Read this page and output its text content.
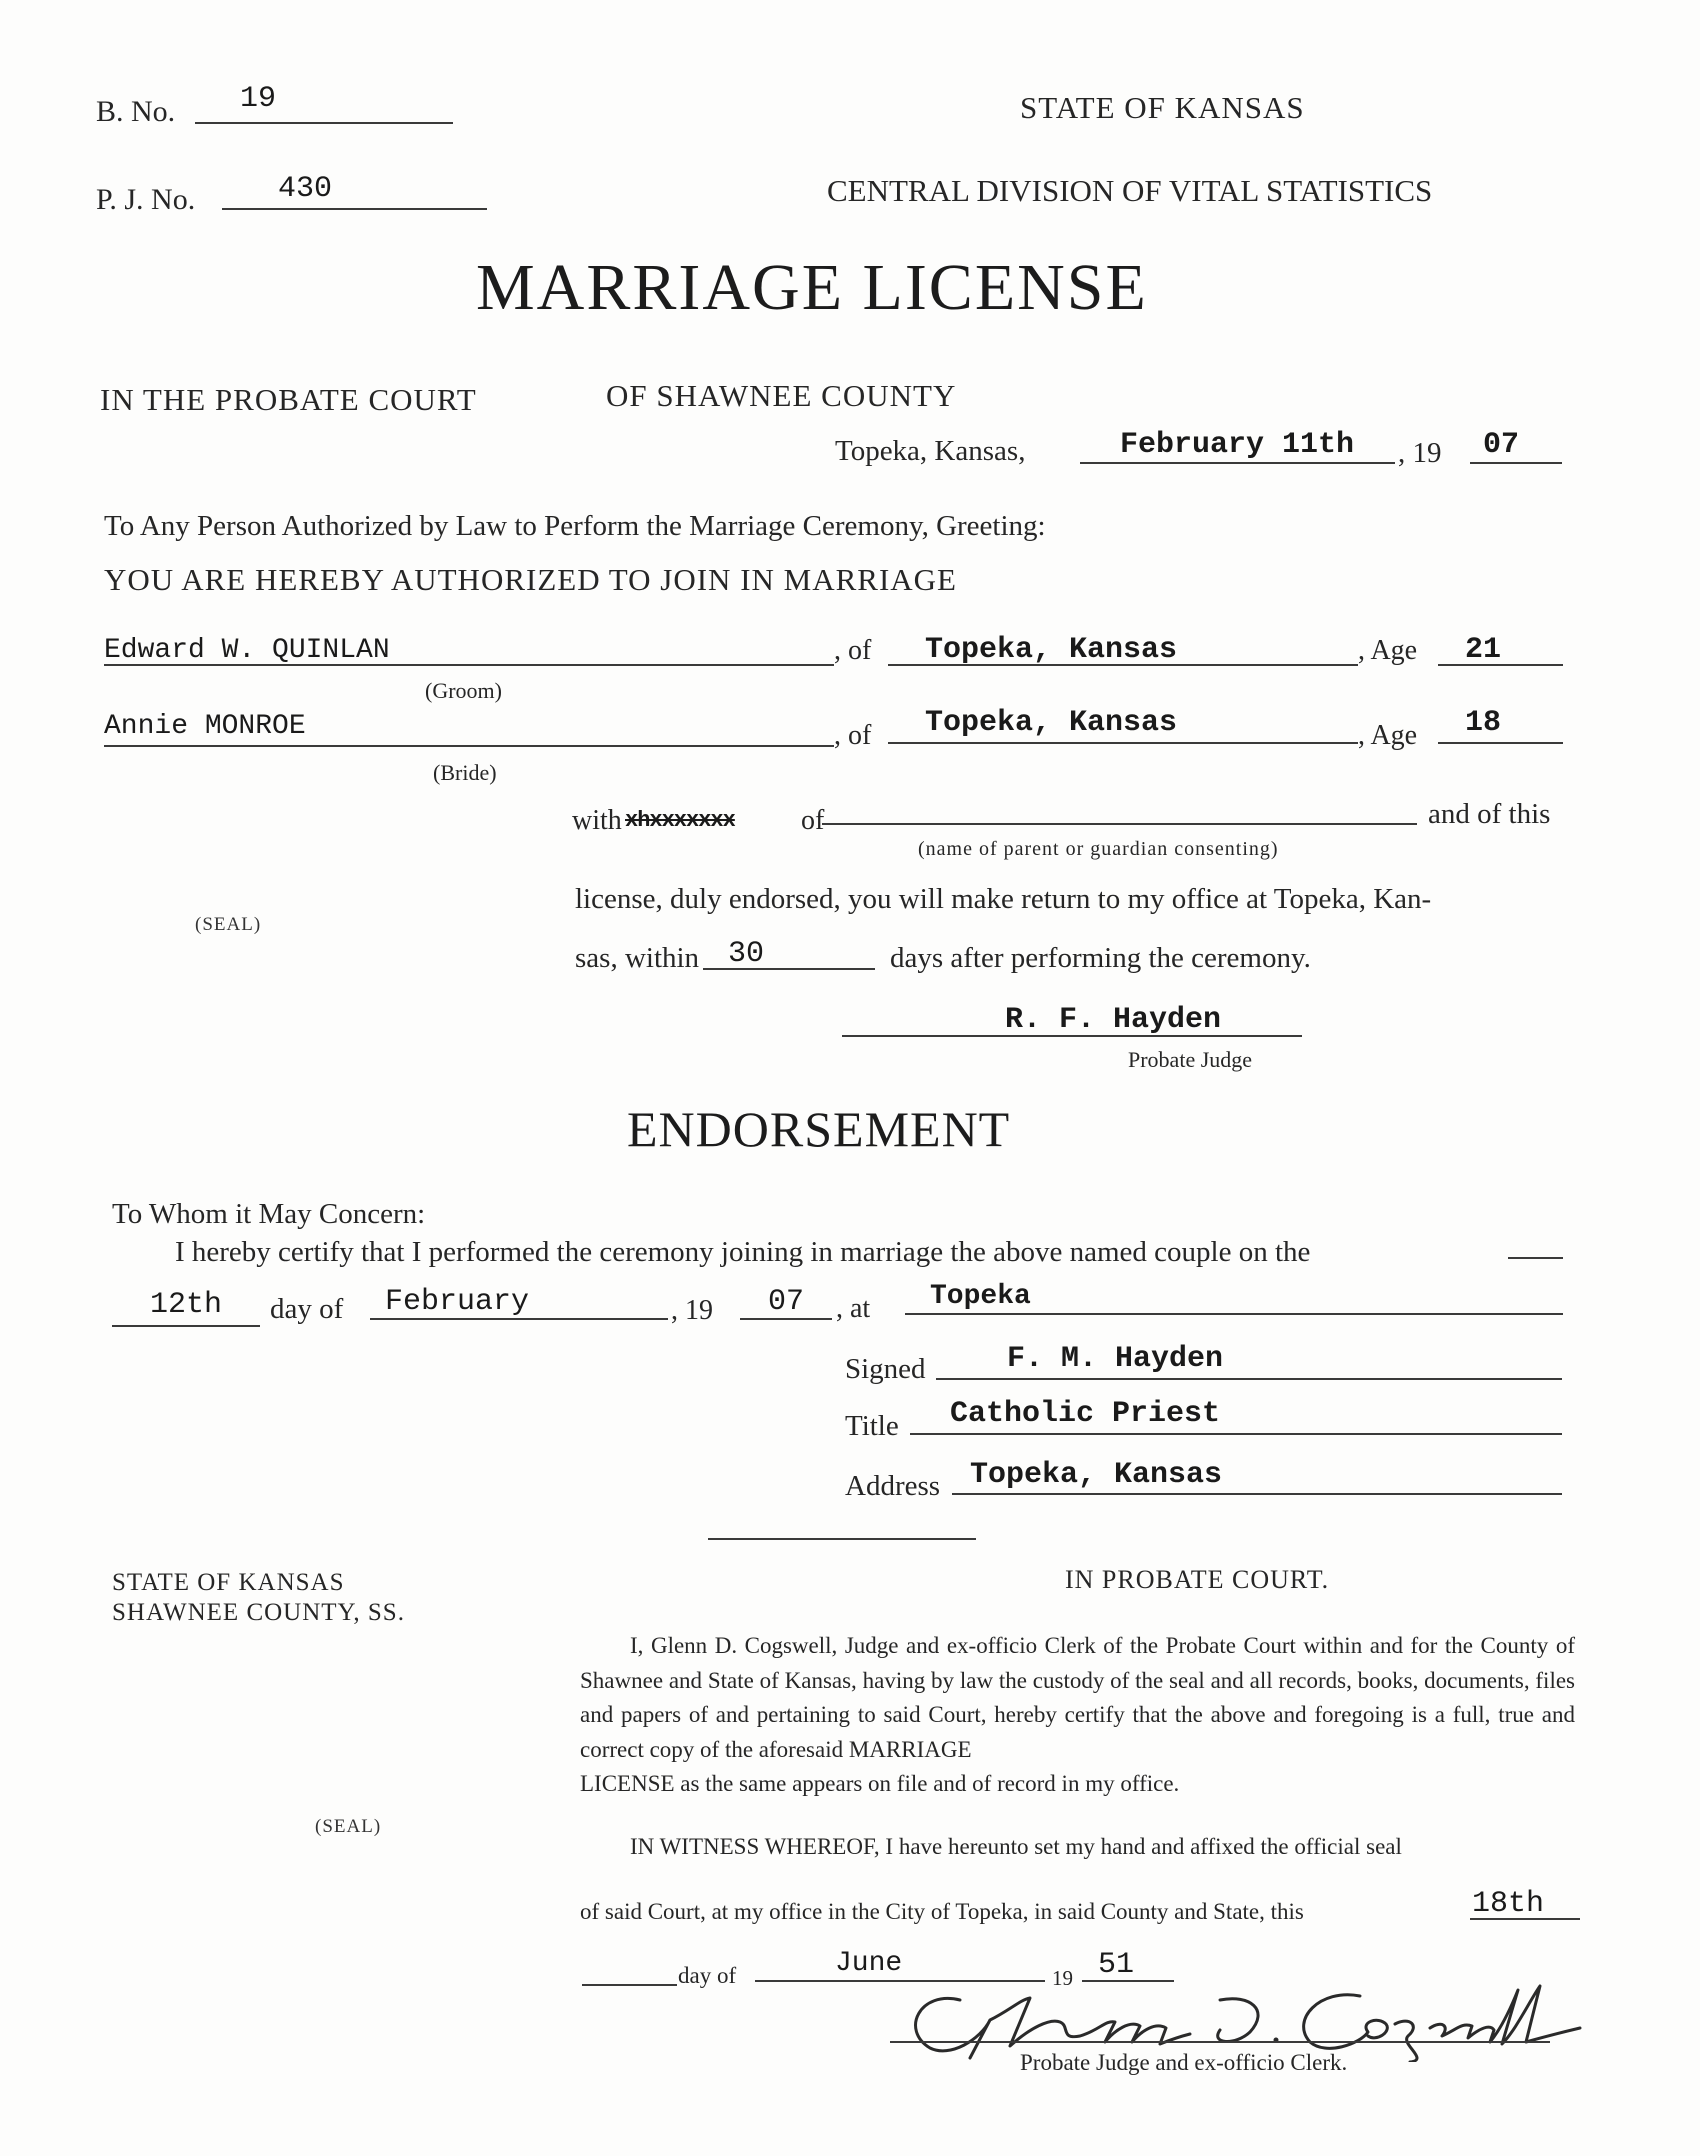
B. No. 19
P. J. No.	430
STATE OF KANSAS
CENTRAL DIVISION OF VITAL STATISTICS
MARRIAGE LICENSE
IN THE PROBATE COURT	OF SHAWNEE COUNTY
Topeka, Kansas,	February 11th , 19 07
To Any Person Authorized by Law to Perform the Marriage Ceremony, Greeting:
YOU ARE HEREBY AUTHORIZED TO JOIN IN MARRIAGE
Edward W. QUINLAN	, of Topeka, Kansas	, Age 21
(Groom)
Annie MONROE	, of Topeka, Kansas	, Age 18
(Bride)
with xhxxxxxxx of	and of this
(name of parent or guardian consenting)
(SEAL)
license, duly endorsed, you will make return to my office at Topeka, Kan-
sas, within 30	days after performing the ceremony.
R. F. Hayden
Probate Judge
ENDORSEMENT
To Whom it May Concern:
I hereby certify that I performed the ceremony joining in marriage the above named couple on the
12th day of February	, 19 07 , at Topeka
Signed	F. M. Hayden
Title Catholic Priest
Address Topeka, Kansas
STATE OF KANSAS
SHAWNEE COUNTY, SS.
IN PROBATE COURT.
(SEAL)
I, Glenn D. Cogswell, Judge and ex-officio Clerk of the Probate Court within and for the County of Shawnee and State of Kansas, having by law the custody of the seal and all records, books, documents, files and papers of and pertaining to said Court, hereby certify that the above and foregoing is a full, true and correct copy of the aforesaid MARRIAGE
LICENSE as the same appears on file and of record in my office.
IN WITNESS WHEREOF, I have hereunto set my hand and affixed the official seal
of said Court, at my office in the City of Topeka, in said County and State, this	18th
day of	June	19 51
Probate Judge and ex-officio Clerk.
